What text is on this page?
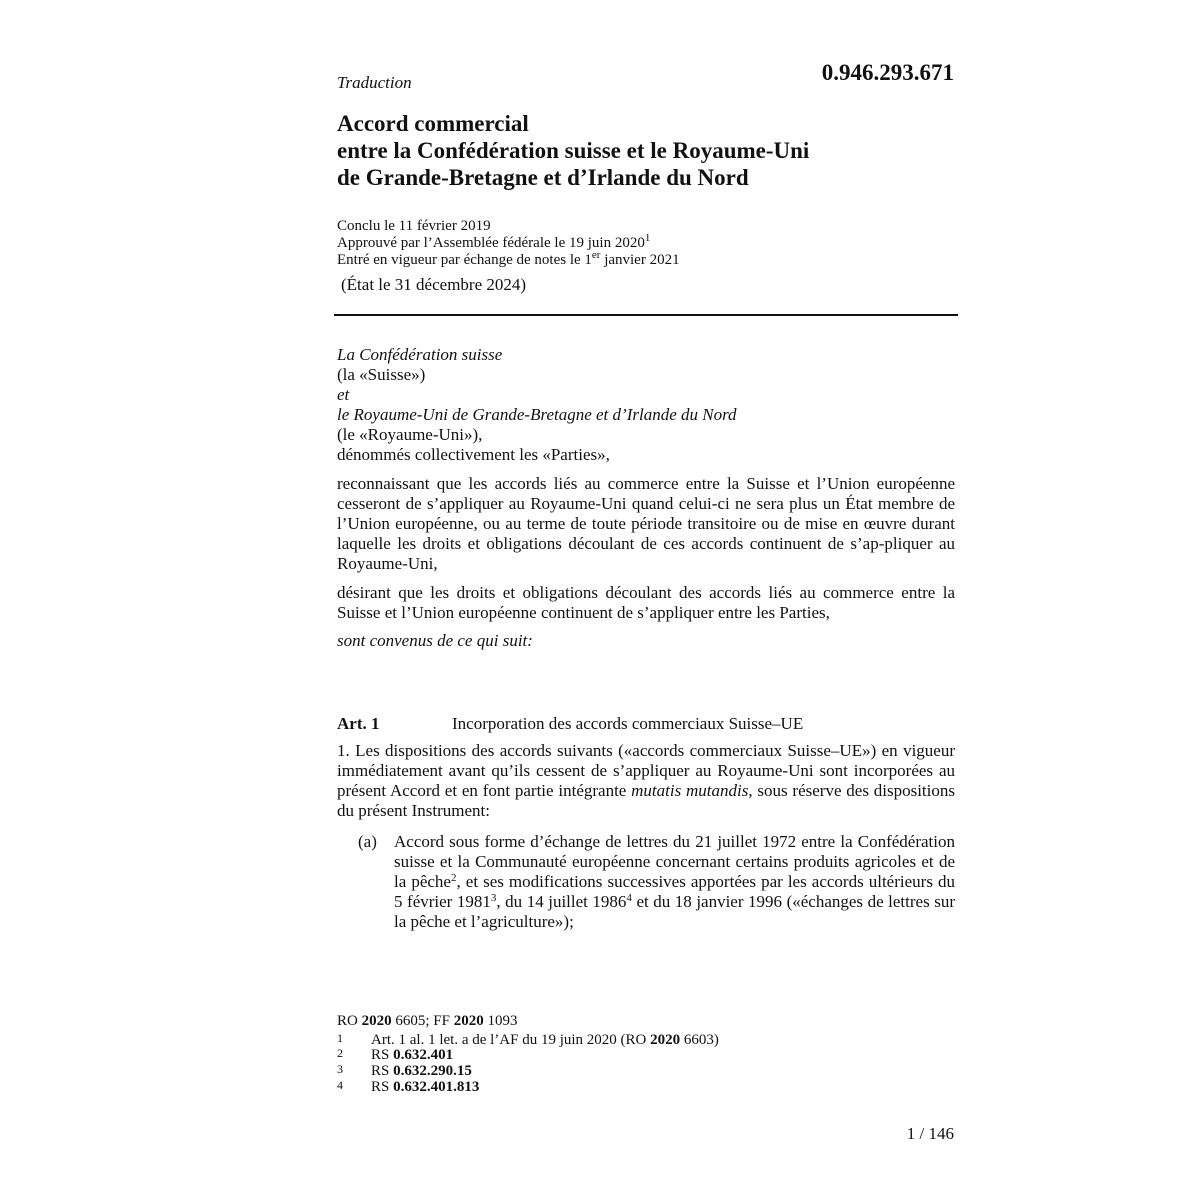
Traduction	0.946.293.671
Accord commercial
entre la Confédération suisse et le Royaume-Uni
de Grande-Bretagne et d’Irlande du Nord
Conclu le 11 février 2019
Approuvé par l’Assemblée fédérale le 19 juin 2020$^1$
Entré en vigueur par échange de notes le 1er janvier 2021
(État le 31 décembre 2024)
La Confédération suisse
(la «Suisse»)
et
le Royaume-Uni de Grande-Bretagne et d’Irlande du Nord
(le «Royaume-Uni»),
dénommés collectivement les «Parties»,
reconnaissant que les accords liés au commerce entre la Suisse et l’Union européenne cesseront de s’appliquer au Royaume-Uni quand celui-ci ne sera plus un État membre de l’Union européenne, ou au terme de toute période transitoire ou de mise en œuvre durant laquelle les droits et obligations découlant de ces accords continuent de s’ap-pliquer au Royaume-Uni,
désirant que les droits et obligations découlant des accords liés au commerce entre la Suisse et l’Union européenne continuent de s’appliquer entre les Parties,
sont convenus de ce qui suit:
Art. 1	Incorporation des accords commerciaux Suisse–UE
1. Les dispositions des accords suivants («accords commerciaux Suisse–UE») en vigueur immédiatement avant qu’ils cessent de s’appliquer au Royaume-Uni sont incorporées au présent Accord et en font partie intégrante mutatis mutandis, sous réserve des dispositions du présent Instrument:
(a) Accord sous forme d’échange de lettres du 21 juillet 1972 entre la Confédération suisse et la Communauté européenne concernant certains produits agricoles et de la pêche$^2$, et ses modifications successives apportées par les accords ultérieurs du 5 février 1981$^3$, du 14 juillet 1986$^4$ et du 18 janvier 1996 («échanges de lettres sur la pêche et l’agriculture»);
RO 2020 6605; FF 2020 1093
1 Art. 1 al. 1 let. a de l’AF du 19 juin 2020 (RO 2020 6603)
2 RS 0.632.401
3 RS 0.632.290.15
4 RS 0.632.401.813
1 / 146
